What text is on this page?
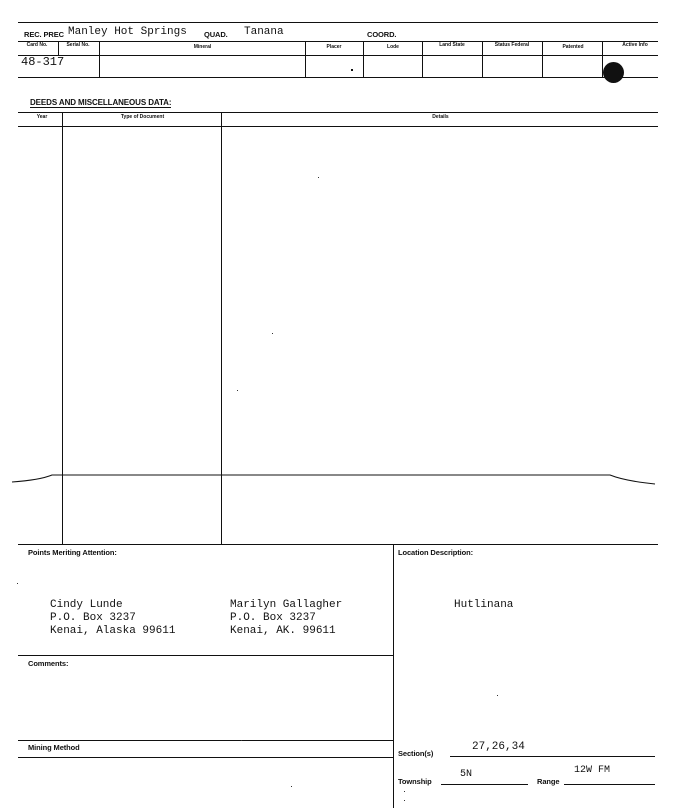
REC. PREC Manley Hot Springs QUAD. Tanana	COORD.
Card No.	Serial No.	Mineral	Placer	Lode	Land State	Status Federal	Patented	Active Info
48-317
DEEDS AND MISCELLANEOUS DATA:
Year	Type of Document	Details
Points Meriting Attention:	Location Description:
Cindy Lunde
P.O. Box 3237
Kenai, Alaska 99611
Marilyn Gallagher
P.O. Box 3237
Kenai, AK. 99611
Hutlinana
Comments:
Mining Method
Section(s)
27,26,34
Township
5N
Range
12W FM
